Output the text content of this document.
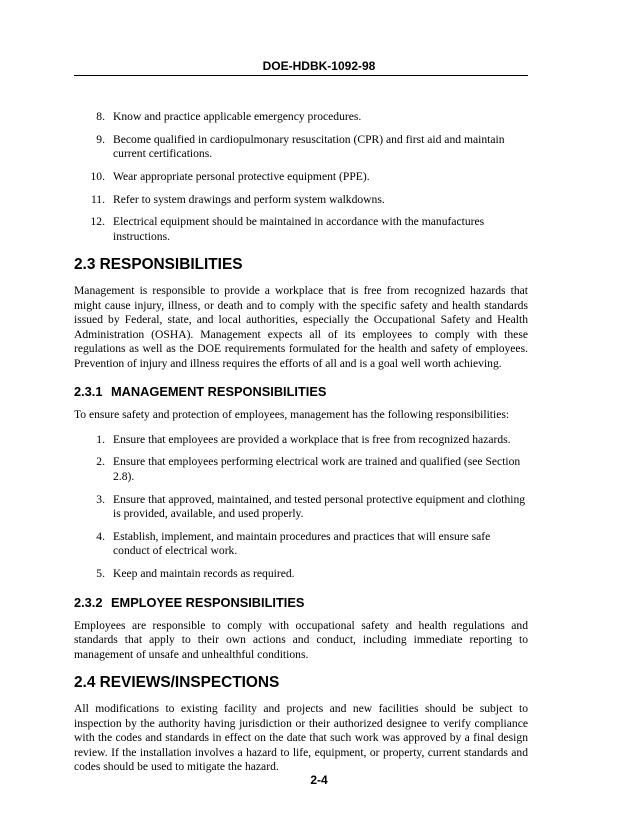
DOE-HDBK-1092-98
8. Know and practice applicable emergency procedures.
9. Become qualified in cardiopulmonary resuscitation (CPR) and first aid and maintain current certifications.
10. Wear appropriate personal protective equipment (PPE).
11. Refer to system drawings and perform system walkdowns.
12. Electrical equipment should be maintained in accordance with the manufactures instructions.
2.3 RESPONSIBILITIES

Management is responsible to provide a workplace that is free from recognized hazards that might cause injury, illness, or death and to comply with the specific safety and health standards issued by Federal, state, and local authorities, especially the Occupational Safety and Health Administration (OSHA). Management expects all of its employees to comply with these regulations as well as the DOE requirements formulated for the health and safety of employees. Prevention of injury and illness requires the efforts of all and is a goal well worth achieving.

2.3.1 MANAGEMENT RESPONSIBILITIES

To ensure safety and protection of employees, management has the following responsibilities:

1. Ensure that employees are provided a workplace that is free from recognized hazards.
2. Ensure that employees performing electrical work are trained and qualified (see Section 2.8).
3. Ensure that approved, maintained, and tested personal protective equipment and clothing is provided, available, and used properly.
4. Establish, implement, and maintain procedures and practices that will ensure safe conduct of electrical work.
5. Keep and maintain records as required.
2.3.2 EMPLOYEE RESPONSIBILITIES

Employees are responsible to comply with occupational safety and health regulations and standards that apply to their own actions and conduct, including immediate reporting to management of unsafe and unhealthful conditions.

2.4 REVIEWS/INSPECTIONS

All modifications to existing facility and projects and new facilities should be subject to inspection by the authority having jurisdiction or their authorized designee to verify compliance with the codes and standards in effect on the date that such work was approved by a final design review. If the installation involves a hazard to life, equipment, or property, current standards and codes should be used to mitigate the hazard.

2-4
